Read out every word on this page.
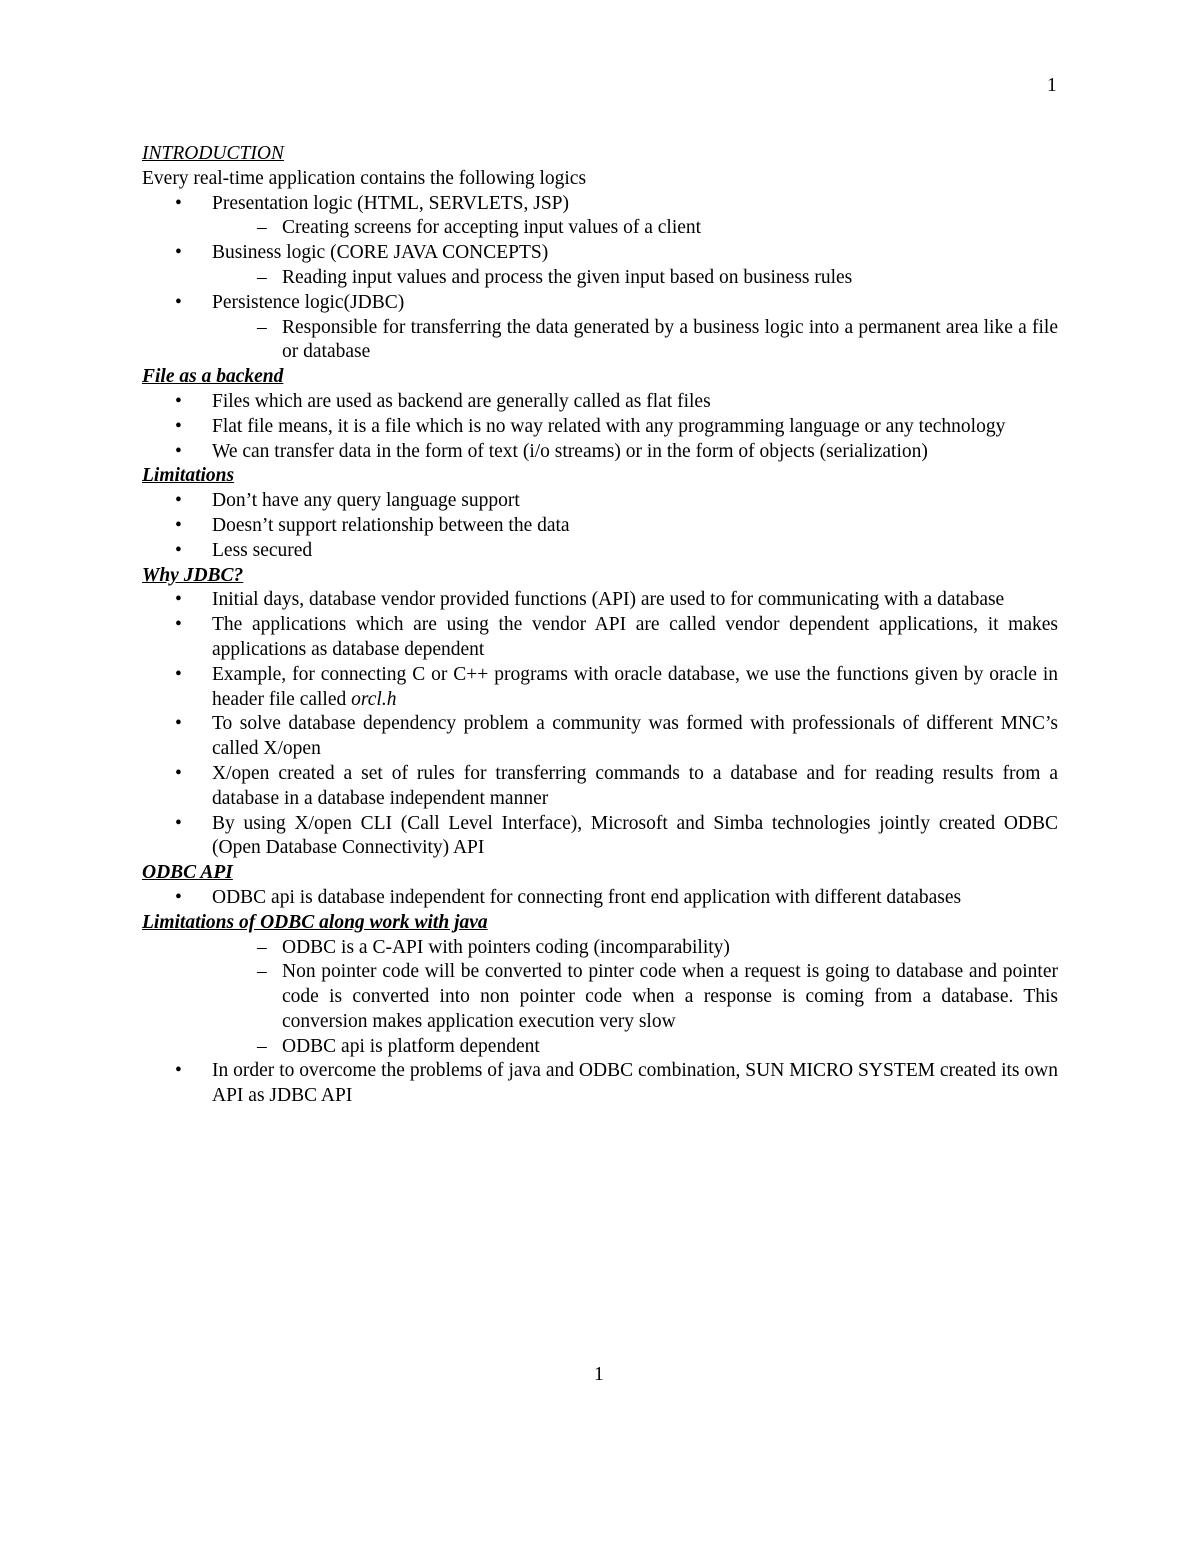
1
INTRODUCTION
Every real-time application contains the following logics
• Presentation logic (HTML, SERVLETS, JSP)
– Creating screens for accepting input values of a client
• Business logic (CORE JAVA CONCEPTS)
– Reading input values and process the given input based on business rules
• Persistence logic(JDBC)
– Responsible for transferring the data generated by a business logic into a permanent area like a file or database
File as a backend
• Files which are used as backend are generally called as flat files
• Flat file means, it is a file which is no way related with any programming language or any technology
• We can transfer data in the form of text (i/o streams) or in the form of objects (serialization)
Limitations
• Don’t have any query language support
• Doesn’t support relationship between the data
• Less secured
Why JDBC?
• Initial days, database vendor provided functions (API) are used to for communicating with a database
• The applications which are using the vendor API are called vendor dependent applications, it makes applications as database dependent
• Example, for connecting C or C++ programs with oracle database, we use the functions given by oracle in header file called orcl.h
• To solve database dependency problem a community was formed with professionals of different MNC’s called X/open
• X/open created a set of rules for transferring commands to a database and for reading results from a database in a database independent manner
• By using X/open CLI (Call Level Interface), Microsoft and Simba technologies jointly created ODBC (Open Database Connectivity) API
ODBC API
• ODBC api is database independent for connecting front end application with different databases
Limitations of ODBC along work with java
– ODBC is a C-API with pointers coding (incomparability)
– Non pointer code will be converted to pinter code when a request is going to database and pointer code is converted into non pointer code when a response is coming from a database. This conversion makes application execution very slow
– ODBC api is platform dependent
• In order to overcome the problems of java and ODBC combination, SUN MICRO SYSTEM created its own API as JDBC API
1
